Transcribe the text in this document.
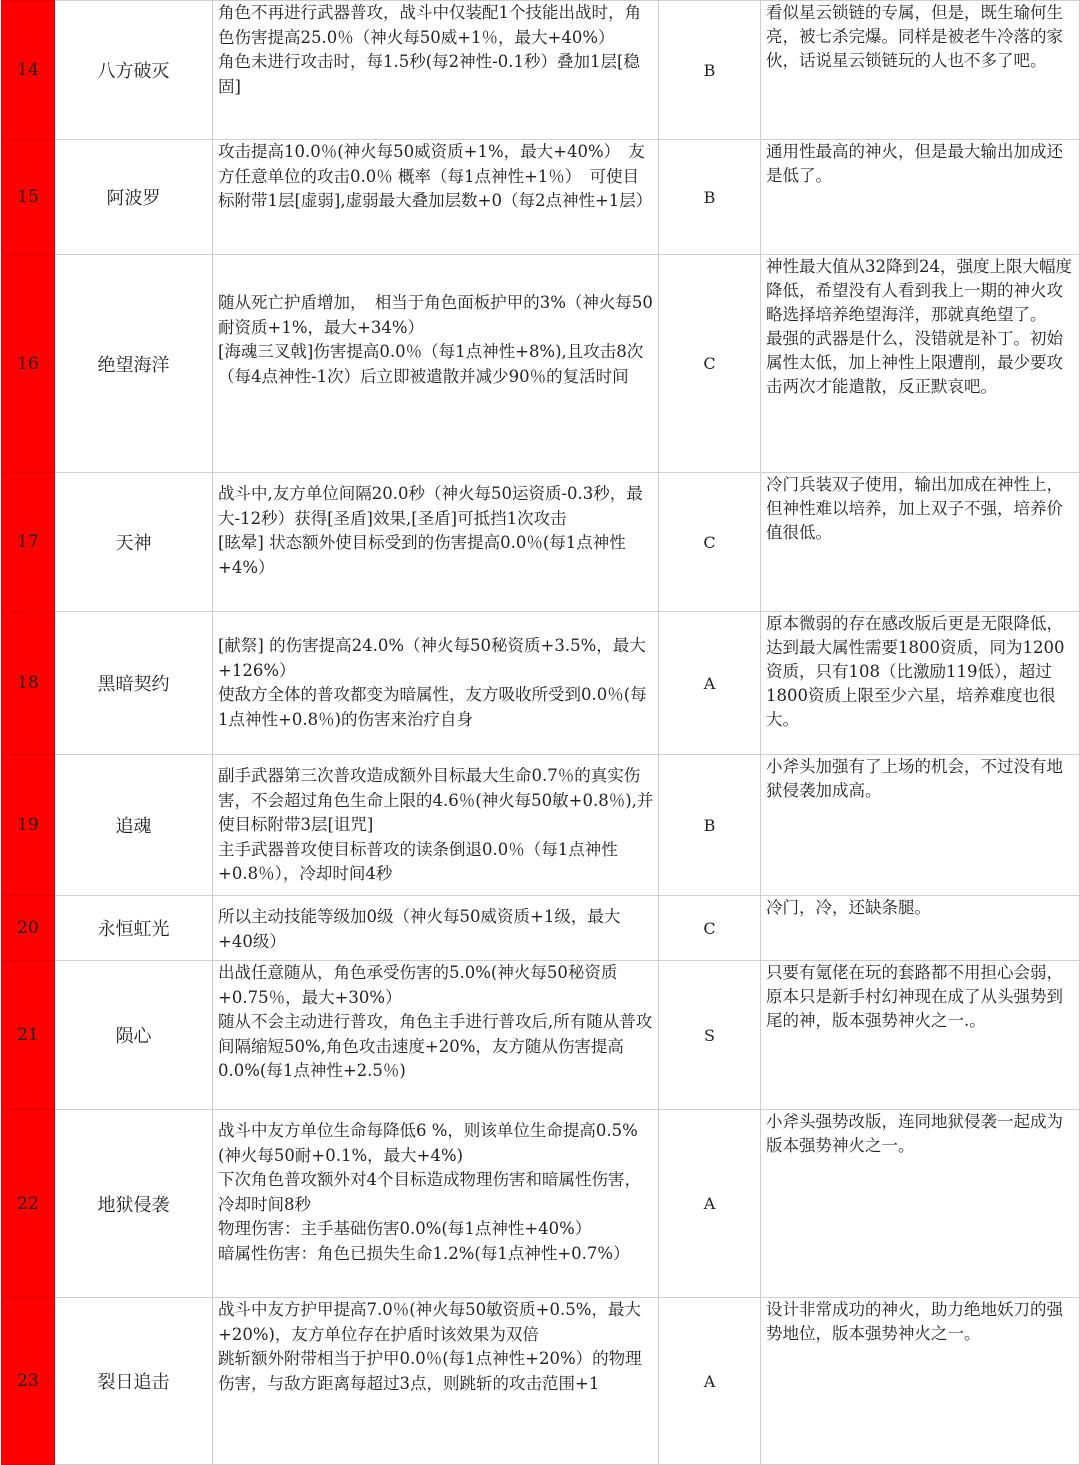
14	八方破灭	角色不再进行武器普攻，战斗中仅装配1个技能出战时，角色伤害提高25.0％（神火每50威+1％，最大+40%）
角色未进行攻击时，每1.5秒(每2神性-0.1秒）叠加1层[稳固]	B	看似星云锁链的专属，但是，既生瑜何生亮，被七杀完爆。同样是被老牛冷落的家伙，话说星云锁链玩的人也不多了吧。
15	阿波罗	攻击提高10.0％(神火每50威资质+1%，最大+40%）　友方任意单位的攻击0.0％ 概率（每1点神性+1％）　可使目标附带1层[虚弱],虚弱最大叠加层数+0（每2点神性+1层）	B	通用性最高的神火，但是最大输出加成还是低了。
16	绝望海洋	随从死亡护盾增加，　相当于角色面板护甲的3%（神火每50耐资质+1%，最大+34%）
[海魂三叉戟]伤害提高0.0％（每1点神性+8%),且攻击8次（每4点神性-1次）后立即被遣散并减少90％的复活时间	C	神性最大值从32降到24，强度上限大幅度降低，希望没有人看到我上一期的神火攻略选择培养绝望海洋，那就真绝望了。
最强的武器是什么，没错就是补丁。初始属性太低，加上神性上限遭削，最少要攻击两次才能遣散，反正默哀吧。
17	天神	战斗中,友方单位间隔20.0秒（神火每50运资质-0.3秒，最大-12秒）获得[圣盾]效果,[圣盾]可抵挡1次攻击
[眩晕] 状态额外使目标受到的伤害提高0.0％(每1点神性+4%）	C	冷门兵装双子使用，输出加成在神性上，但神性难以培养，加上双子不强，培养价值很低。
18	黑暗契约	[献祭] 的伤害提高24.0%（神火每50秘资质+3.5%，最大+126%）
使敌方全体的普攻都变为暗属性，友方吸收所受到0.0％(每1点神性+0.8％)的伤害来治疗自身	A	原本微弱的存在感改版后更是无限降低，达到最大属性需要1800资质，同为1200资质，只有108（比激励119低），超过1800资质上限至少六星，培养难度也很大。
19	追魂	副手武器第三次普攻造成额外目标最大生命0.7％的真实伤害，不会超过角色生命上限的4.6％(神火每50敏+0.8％),并使目标附带3层[诅咒]
主手武器普攻使目标普攻的读条倒退0.0％（每1点神性+0.8％），冷却时间4秒	B	小斧头加强有了上场的机会，不过没有地狱侵袭加成高。
20	永恒虹光	所以主动技能等级加0级（神火每50威资质+1级，最大+40级）	C	冷门，冷，还缺条腿。
21	陨心	出战任意随从，角色承受伤害的5.0%(神火每50秘资质+0.75％，最大+30%）
随从不会主动进行普攻，角色主手进行普攻后,所有随从普攻间隔缩短50%,角色攻击速度+20%，友方随从伤害提高0.0%(每1点神性+2.5％)	S	只要有氪佬在玩的套路都不用担心会弱，原本只是新手村幻神现在成了从头强势到尾的神，版本强势神火之一.。
22	地狱侵袭	战斗中友方单位生命每降低6 %，则该单位生命提高0.5%(神火每50耐+0.1%，最大+4%)
下次角色普攻额外对4个目标造成物理伤害和暗属性伤害，冷却时间8秒
物理伤害：主手基础伤害0.0%(每1点神性+40%）
暗属性伤害：角色已损失生命1.2%(每1点神性+0.7%）	A	小斧头强势改版，连同地狱侵袭一起成为版本强势神火之一。
23	裂日追击	战斗中友方护甲提高7.0％(神火每50敏资质+0.5%，最大+20%)，友方单位存在护盾时该效果为双倍
跳斩额外附带相当于护甲0.0％(每1点神性+20%）的物理伤害，与敌方距离每超过3点，则跳斩的攻击范围+1	A	设计非常成功的神火，助力绝地妖刀的强势地位，版本强势神火之一。
